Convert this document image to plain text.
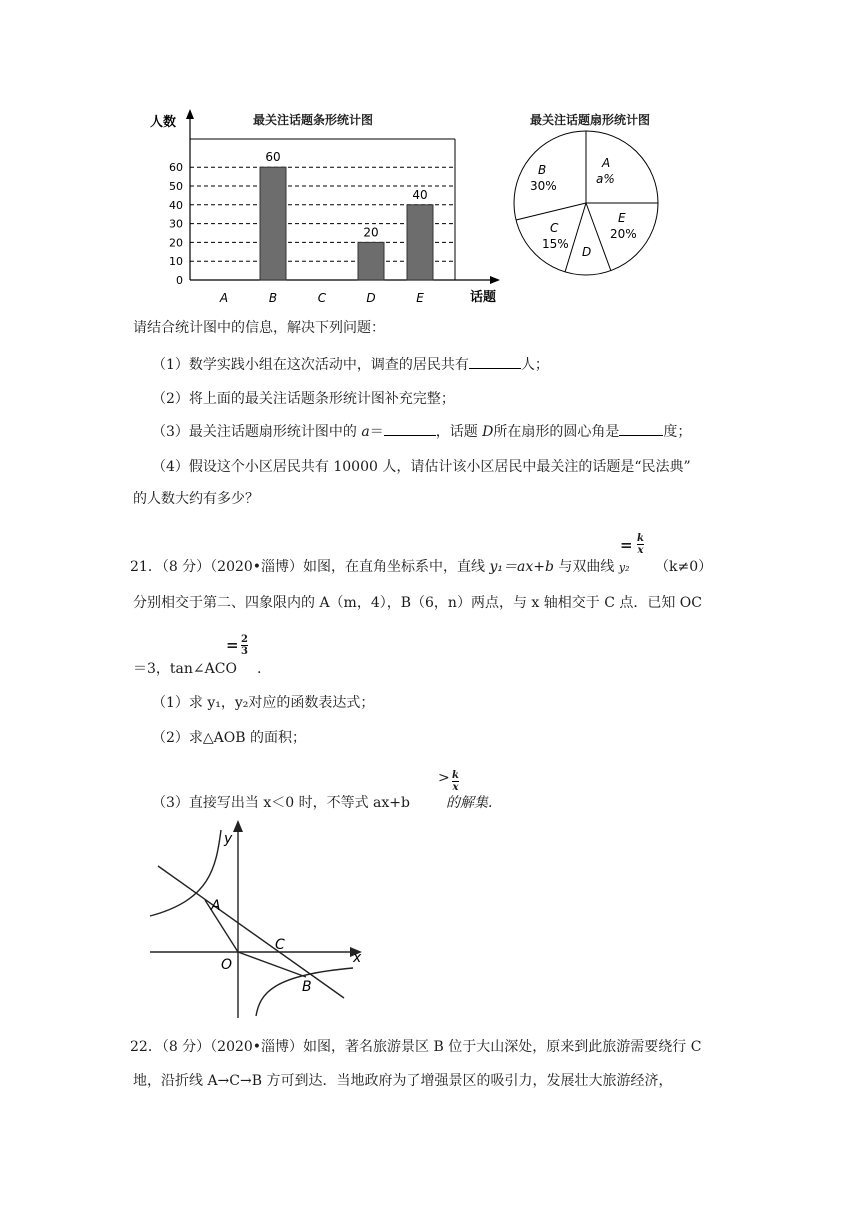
最关注话题条形统计图
0
10
20
30
40
50
60
A	B	C	D	E
60
20
40
人数
话题
最关注话题扇形统计图
B
30%
A
a%
E
20%
C
15%
D
请结合统计图中的信息，解决下列问题：
（1）数学实践小组在这次活动中，调查的居民共有	人；
（2）将上面的最关注话题条形统计图补充完整；
（3）最关注话题扇形统计图中的 a＝	，话题 D所在扇形的圆心角是	度；
（4）假设这个小区居民共有 10000 人，请估计该小区居民中最关注的话题是“民法典”
的人数大约有多少？
21．（8 分）（2020•淄博）如图，在直角坐标系中，直线 y₁＝ax+b 与双曲线 y₂
= $\frac{k}{x}$
（k≠0）
分别相交于第二、四象限内的 A（m，4），B（6，n）两点，与 x 轴相交于 C 点．已知 OC
= $\frac{2}{3}$
＝3，tan∠ACO .
（1）求 y₁，y₂对应的函数表达式；
（2）求△AOB 的面积；
（3）直接写出当 x＜0 时，不等式 ax+b	的解集.
> $\frac{k}{x}$
y
x
O
A
C
B
22．（8 分）（2020•淄博）如图，著名旅游景区 B 位于大山深处，原来到此旅游需要绕行 C
地，沿折线 A→C→B 方可到达．当地政府为了增强景区的吸引力，发展壮大旅游经济，
